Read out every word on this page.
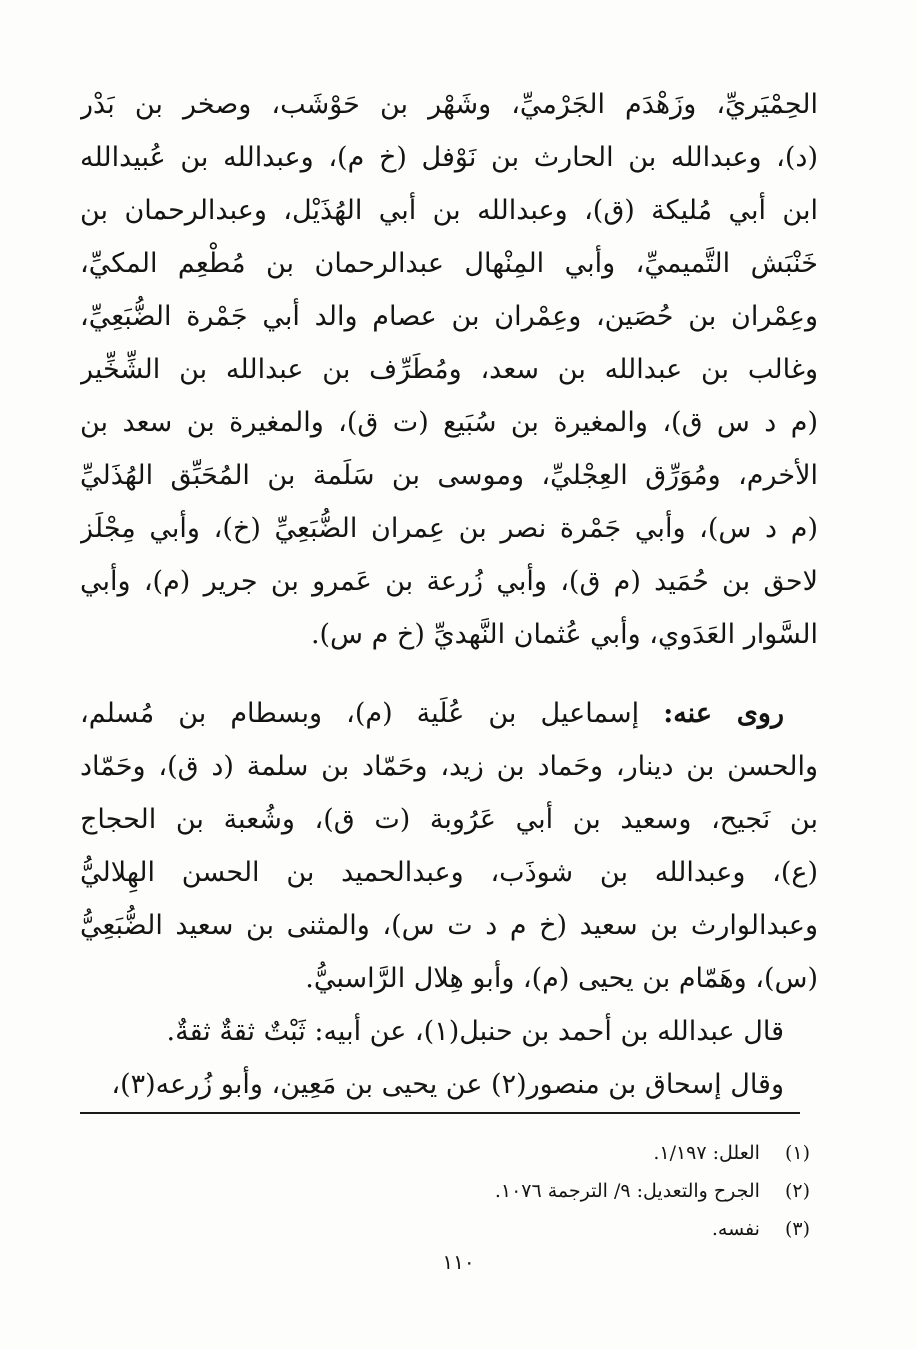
الحِمْيَريِّ، وزَهْدَم الجَرْميِّ، وشَهْر بن حَوْشَب، وصخر بن بَدْر
(د)، وعبدالله بن الحارث بن نَوْفل (خ م)، وعبدالله بن عُبيدالله
ابن أبي مُليكة (ق)، وعبدالله بن أبي الهُذَيْل، وعبدالرحمان بن
خَنْبَش التَّميميِّ، وأبي المِنْهال عبدالرحمان بن مُطْعِم المكيِّ،
وعِمْران بن حُصَين، وعِمْران بن عصام والد أبي جَمْرة الضُّبَعِيِّ،
وغالب بن عبدالله بن سعد، ومُطَرِّف بن عبدالله بن الشِّخِّير
(م د س ق)، والمغيرة بن سُبَيع (ت ق)، والمغيرة بن سعد بن
الأخرم، ومُوَرِّق العِجْليِّ، وموسى بن سَلَمة بن المُحَبِّق الهُذَليِّ
(م د س)، وأبي جَمْرة نصر بن عِمران الضُّبَعِيِّ (خ)، وأبي مِجْلَز
لاحق بن حُمَيد (م ق)، وأبي زُرعة بن عَمرو بن جرير (م)، وأبي
السَّوار العَدَوي، وأبي عُثمان النَّهديِّ (خ م س).
روى عنه: إسماعيل بن عُلَية (م)، وبسطام بن مُسلم،
والحسن بن دينار، وحَماد بن زيد، وحَمّاد بن سلمة (د ق)، وحَمّاد
بن نَجيح، وسعيد بن أبي عَرُوبة (ت ق)، وشُعبة بن الحجاج
(ع)، وعبدالله بن شوذَب، وعبدالحميد بن الحسن الهِلاليُّ
وعبدالوارث بن سعيد (خ م د ت س)، والمثنى بن سعيد الضُّبَعِيُّ
(س)، وهَمّام بن يحيى (م)، وأبو هِلال الرَّاسبيُّ.
قال عبدالله بن أحمد بن حنبل(١)، عن أبيه: ثَبْتٌ ثقةٌ ثقةٌ.
وقال إسحاق بن منصور(٢) عن يحيى بن مَعِين، وأبو زُرعه(٣)،
(١) العلل: ١/١٩٧.
(٢) الجرح والتعديل: ٩/ الترجمة ١٠٧٦.
(٣) نفسه.
١١٠
